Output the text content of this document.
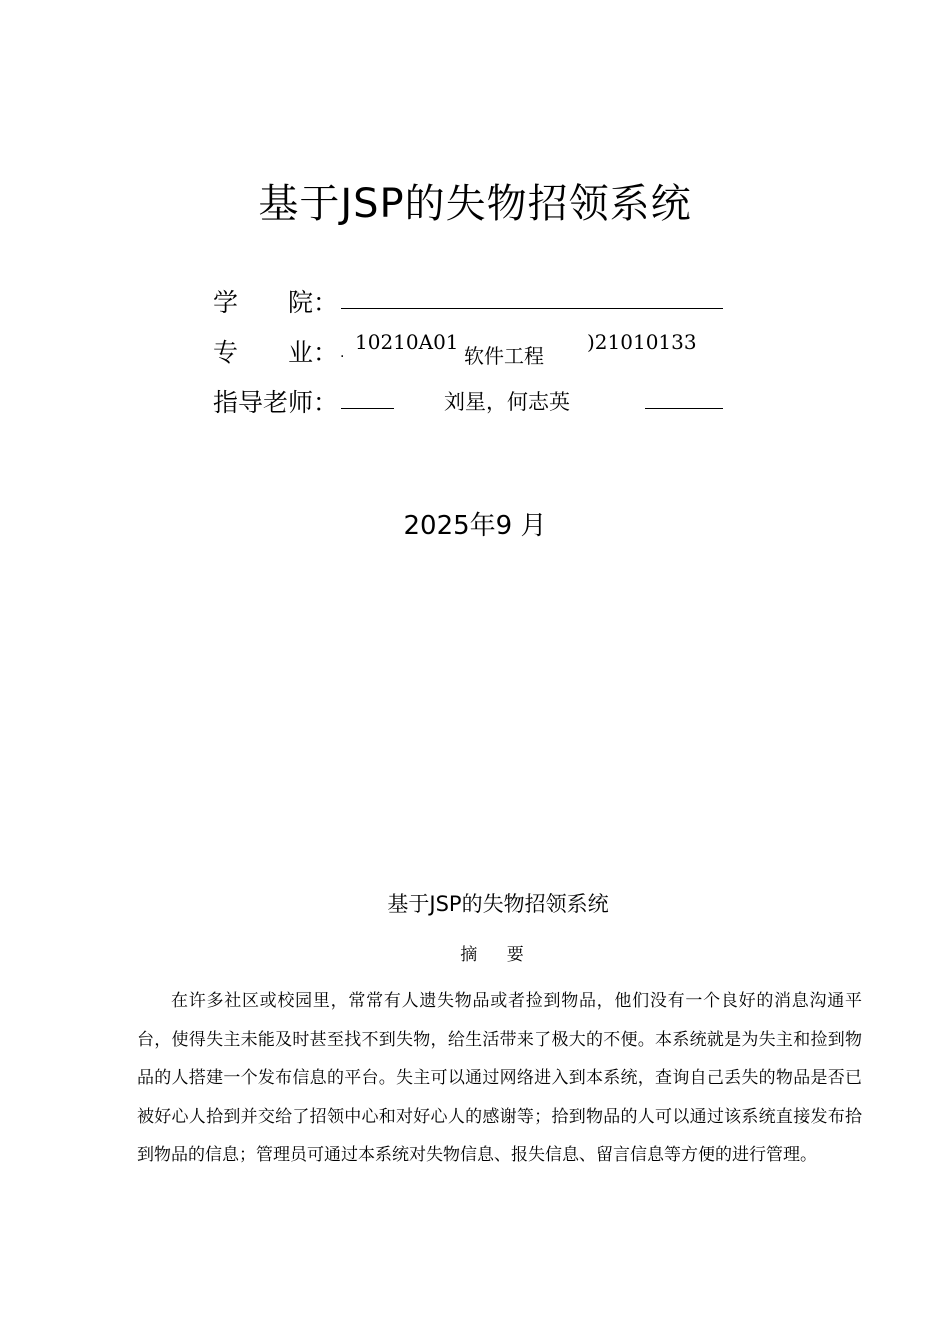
基于JSP的失物招领系统
学　　院：
专　　业： . 10210A01
软件工程
)21010133
指导老师：	刘星，何志英
2025年9 月
基于JSP的失物招领系统
摘 要
在许多社区或校园里，常常有人遗失物品或者捡到物品，他们没有一个良好的消息沟通平台，使得失主未能及时甚至找不到失物，给生活带来了极大的不便。本系统就是为失主和捡到物品的人搭建一个发布信息的平台。失主可以通过网络进入到本系统，查询自己丢失的物品是否已被好心人拾到并交给了招领中心和对好心人的感谢等；拾到物品的人可以通过该系统直接发布拾到物品的信息；管理员可通过本系统对失物信息、报失信息、留言信息等方便的进行管理。
